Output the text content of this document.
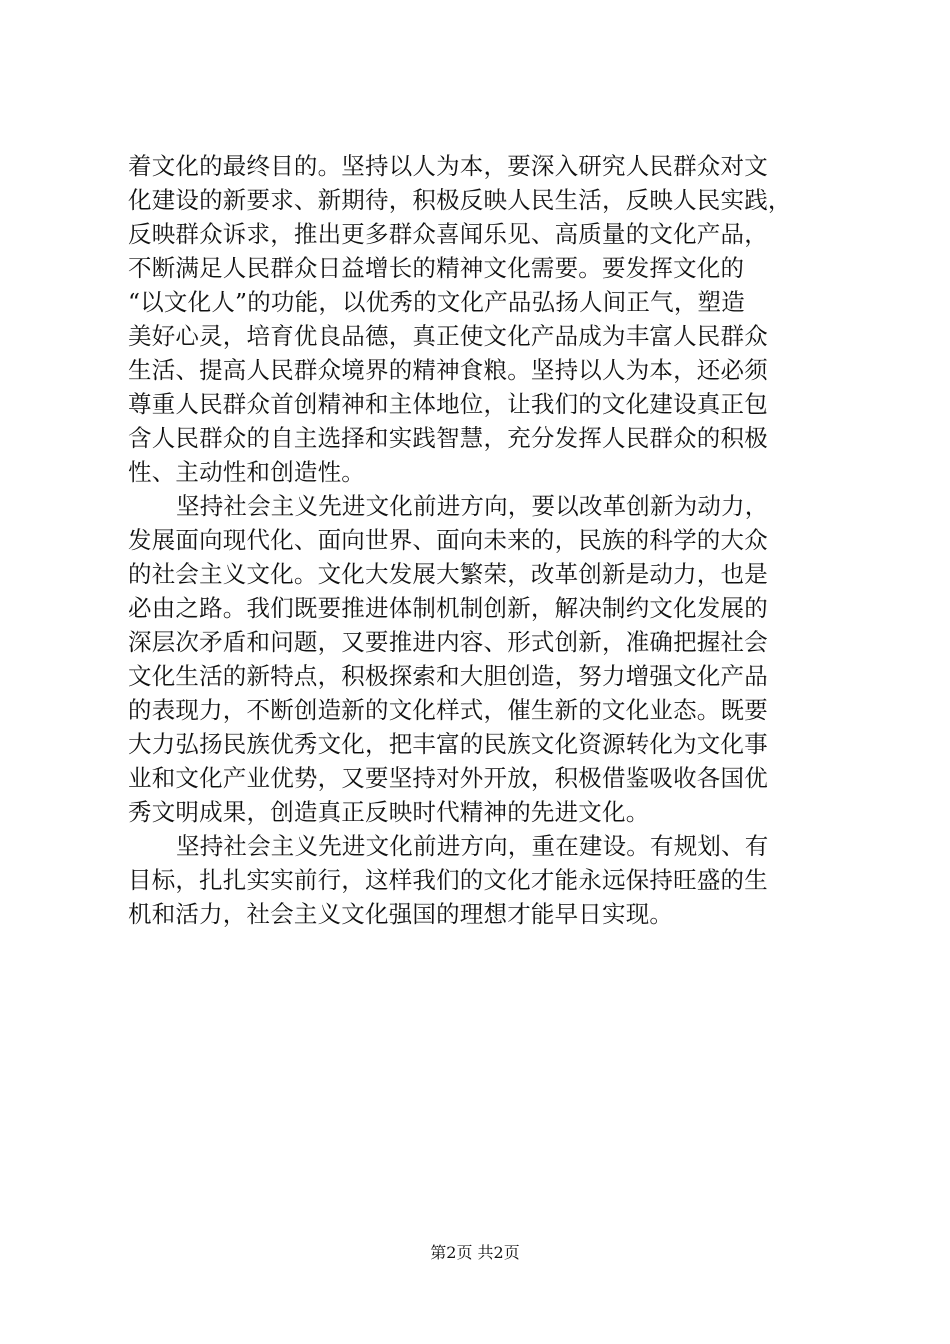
着文化的最终目的。坚持以人为本，要深入研究人民群众对文
化建设的新要求、新期待，积极反映人民生活，反映人民实践，
反映群众诉求，推出更多群众喜闻乐见、高质量的文化产品，
不断满足人民群众日益增长的精神文化需要。要发挥文化的
“以文化人”的功能，以优秀的文化产品弘扬人间正气，塑造
美好心灵，培育优良品德，真正使文化产品成为丰富人民群众
生活、提高人民群众境界的精神食粮。坚持以人为本，还必须
尊重人民群众首创精神和主体地位，让我们的文化建设真正包
含人民群众的自主选择和实践智慧，充分发挥人民群众的积极
性、主动性和创造性。
坚持社会主义先进文化前进方向，要以改革创新为动力，
发展面向现代化、面向世界、面向未来的，民族的科学的大众
的社会主义文化。文化大发展大繁荣，改革创新是动力，也是
必由之路。我们既要推进体制机制创新，解决制约文化发展的
深层次矛盾和问题，又要推进内容、形式创新，准确把握社会
文化生活的新特点，积极探索和大胆创造，努力增强文化产品
的表现力，不断创造新的文化样式，催生新的文化业态。既要
大力弘扬民族优秀文化，把丰富的民族文化资源转化为文化事
业和文化产业优势，又要坚持对外开放，积极借鉴吸收各国优
秀文明成果，创造真正反映时代精神的先进文化。
坚持社会主义先进文化前进方向，重在建设。有规划、有
目标，扎扎实实前行，这样我们的文化才能永远保持旺盛的生
机和活力，社会主义文化强国的理想才能早日实现。
第2页 共2页
